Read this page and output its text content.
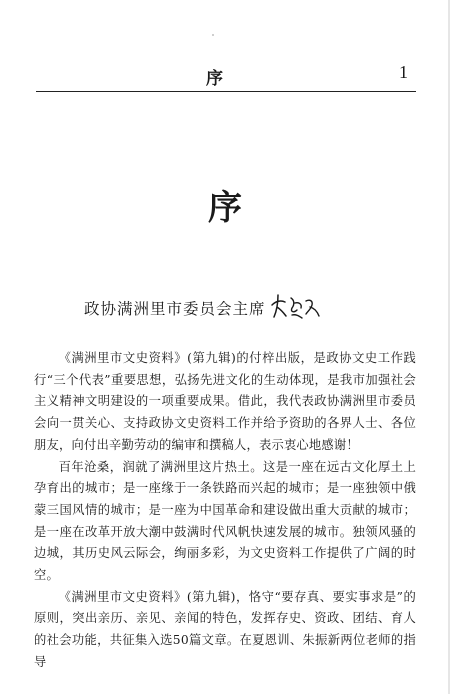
序	1
序
政协满洲里市委员会主席

《满洲里市文史资料》(第九辑)的付梓出版，是政协文史工作践行“三个代表”重要思想，弘扬先进文化的生动体现，是我市加强社会主义精神文明建设的一项重要成果。借此，我代表政协满洲里市委员会向一贯关心、支持政协文史资料工作并给予资助的各界人士、各位朋友，向付出辛勤劳动的编审和撰稿人，表示衷心地感谢！

百年沧桑，润就了满洲里这片热土。这是一座在远古文化厚土上孕育出的城市；是一座缘于一条铁路而兴起的城市；是一座独领中俄蒙三国风情的城市；是一座为中国革命和建设做出重大贡献的城市；是一座在改革开放大潮中鼓满时代风帆快速发展的城市。独领风骚的边城，其历史风云际会，绚丽多彩，为文史资料工作提供了广阔的时空。

《满洲里市文史资料》(第九辑)，恪守“要存真、要实事求是”的原则，突出亲历、亲见、亲闻的特色，发挥存史、资政、团结、育人的社会功能，共征集入选50篇文章。在夏恩训、朱振新两位老师的指导
